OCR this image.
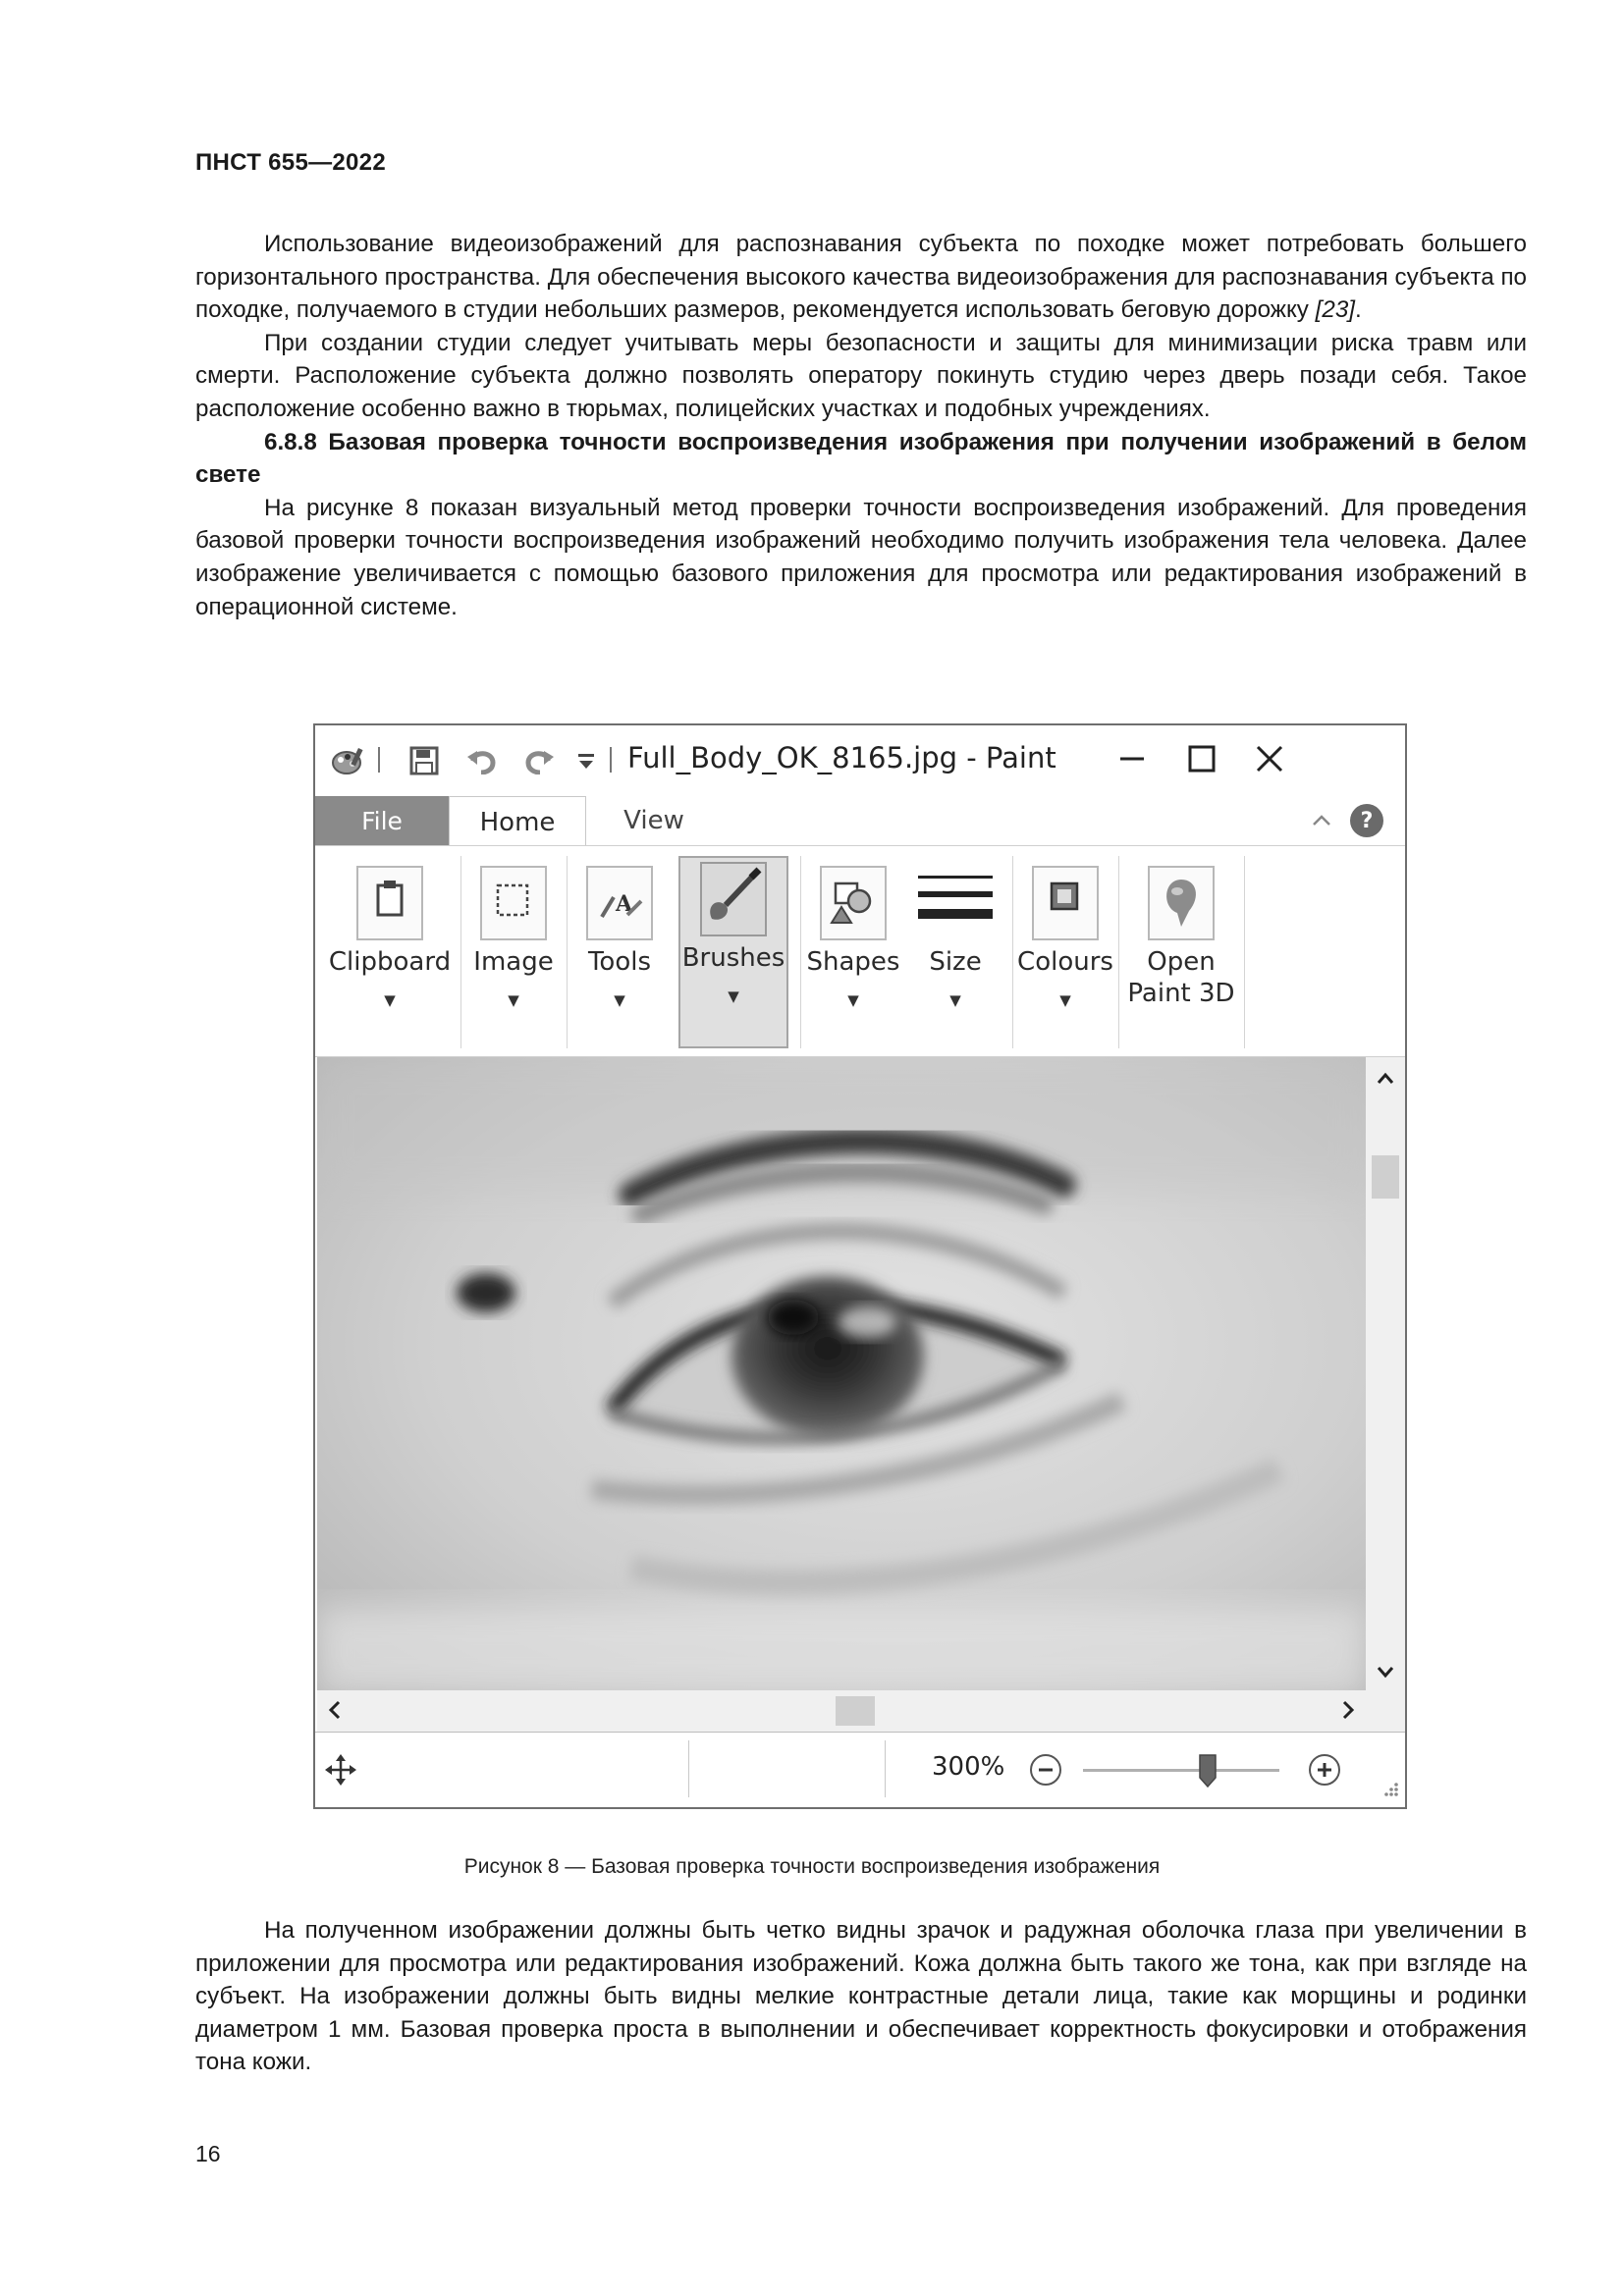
ПНСТ 655—2022

Использование видеоизображений для распознавания субъекта по походке может потребовать большего горизонтального пространства. Для обеспечения высокого качества видеоизображения для распознавания субъекта по походке, получаемого в студии небольших размеров, рекомендуется использовать беговую дорожку [23].

При создании студии следует учитывать меры безопасности и защиты для минимизации риска травм или смерти. Расположение субъекта должно позволять оператору покинуть студию через дверь позади себя. Такое расположение особенно важно в тюрьмах, полицейских участках и подобных учреждениях.

6.8.8 Базовая проверка точности воспроизведения изображения при получении изображений в белом свете

На рисунке 8 показан визуальный метод проверки точности воспроизведения изображений. Для проведения базовой проверки точности воспроизведения изображений необходимо получить изображения тела человека. Далее изображение увеличивается с помощью базового приложения для просмотра или редактирования изображений в операционной системе.

Full_Body_OK_8165.jpg - Paint
File	Home	View	?
Clipboard
▼
Image
▼
A
Tools
▼
Brushes
▼
Shapes
▼
Size
▼
Colours
▼
Open Paint 3D
300%
Рисунок 8 — Базовая проверка точности воспроизведения изображения

На полученном изображении должны быть четко видны зрачок и радужная оболочка глаза при увеличении в приложении для просмотра или редактирования изображений. Кожа должна быть такого же тона, как при взгляде на субъект. На изображении должны быть видны мелкие контрастные детали лица, такие как морщины и родинки диаметром 1 мм. Базовая проверка проста в выполнении и обеспечивает корректность фокусировки и отображения тона кожи.

16
